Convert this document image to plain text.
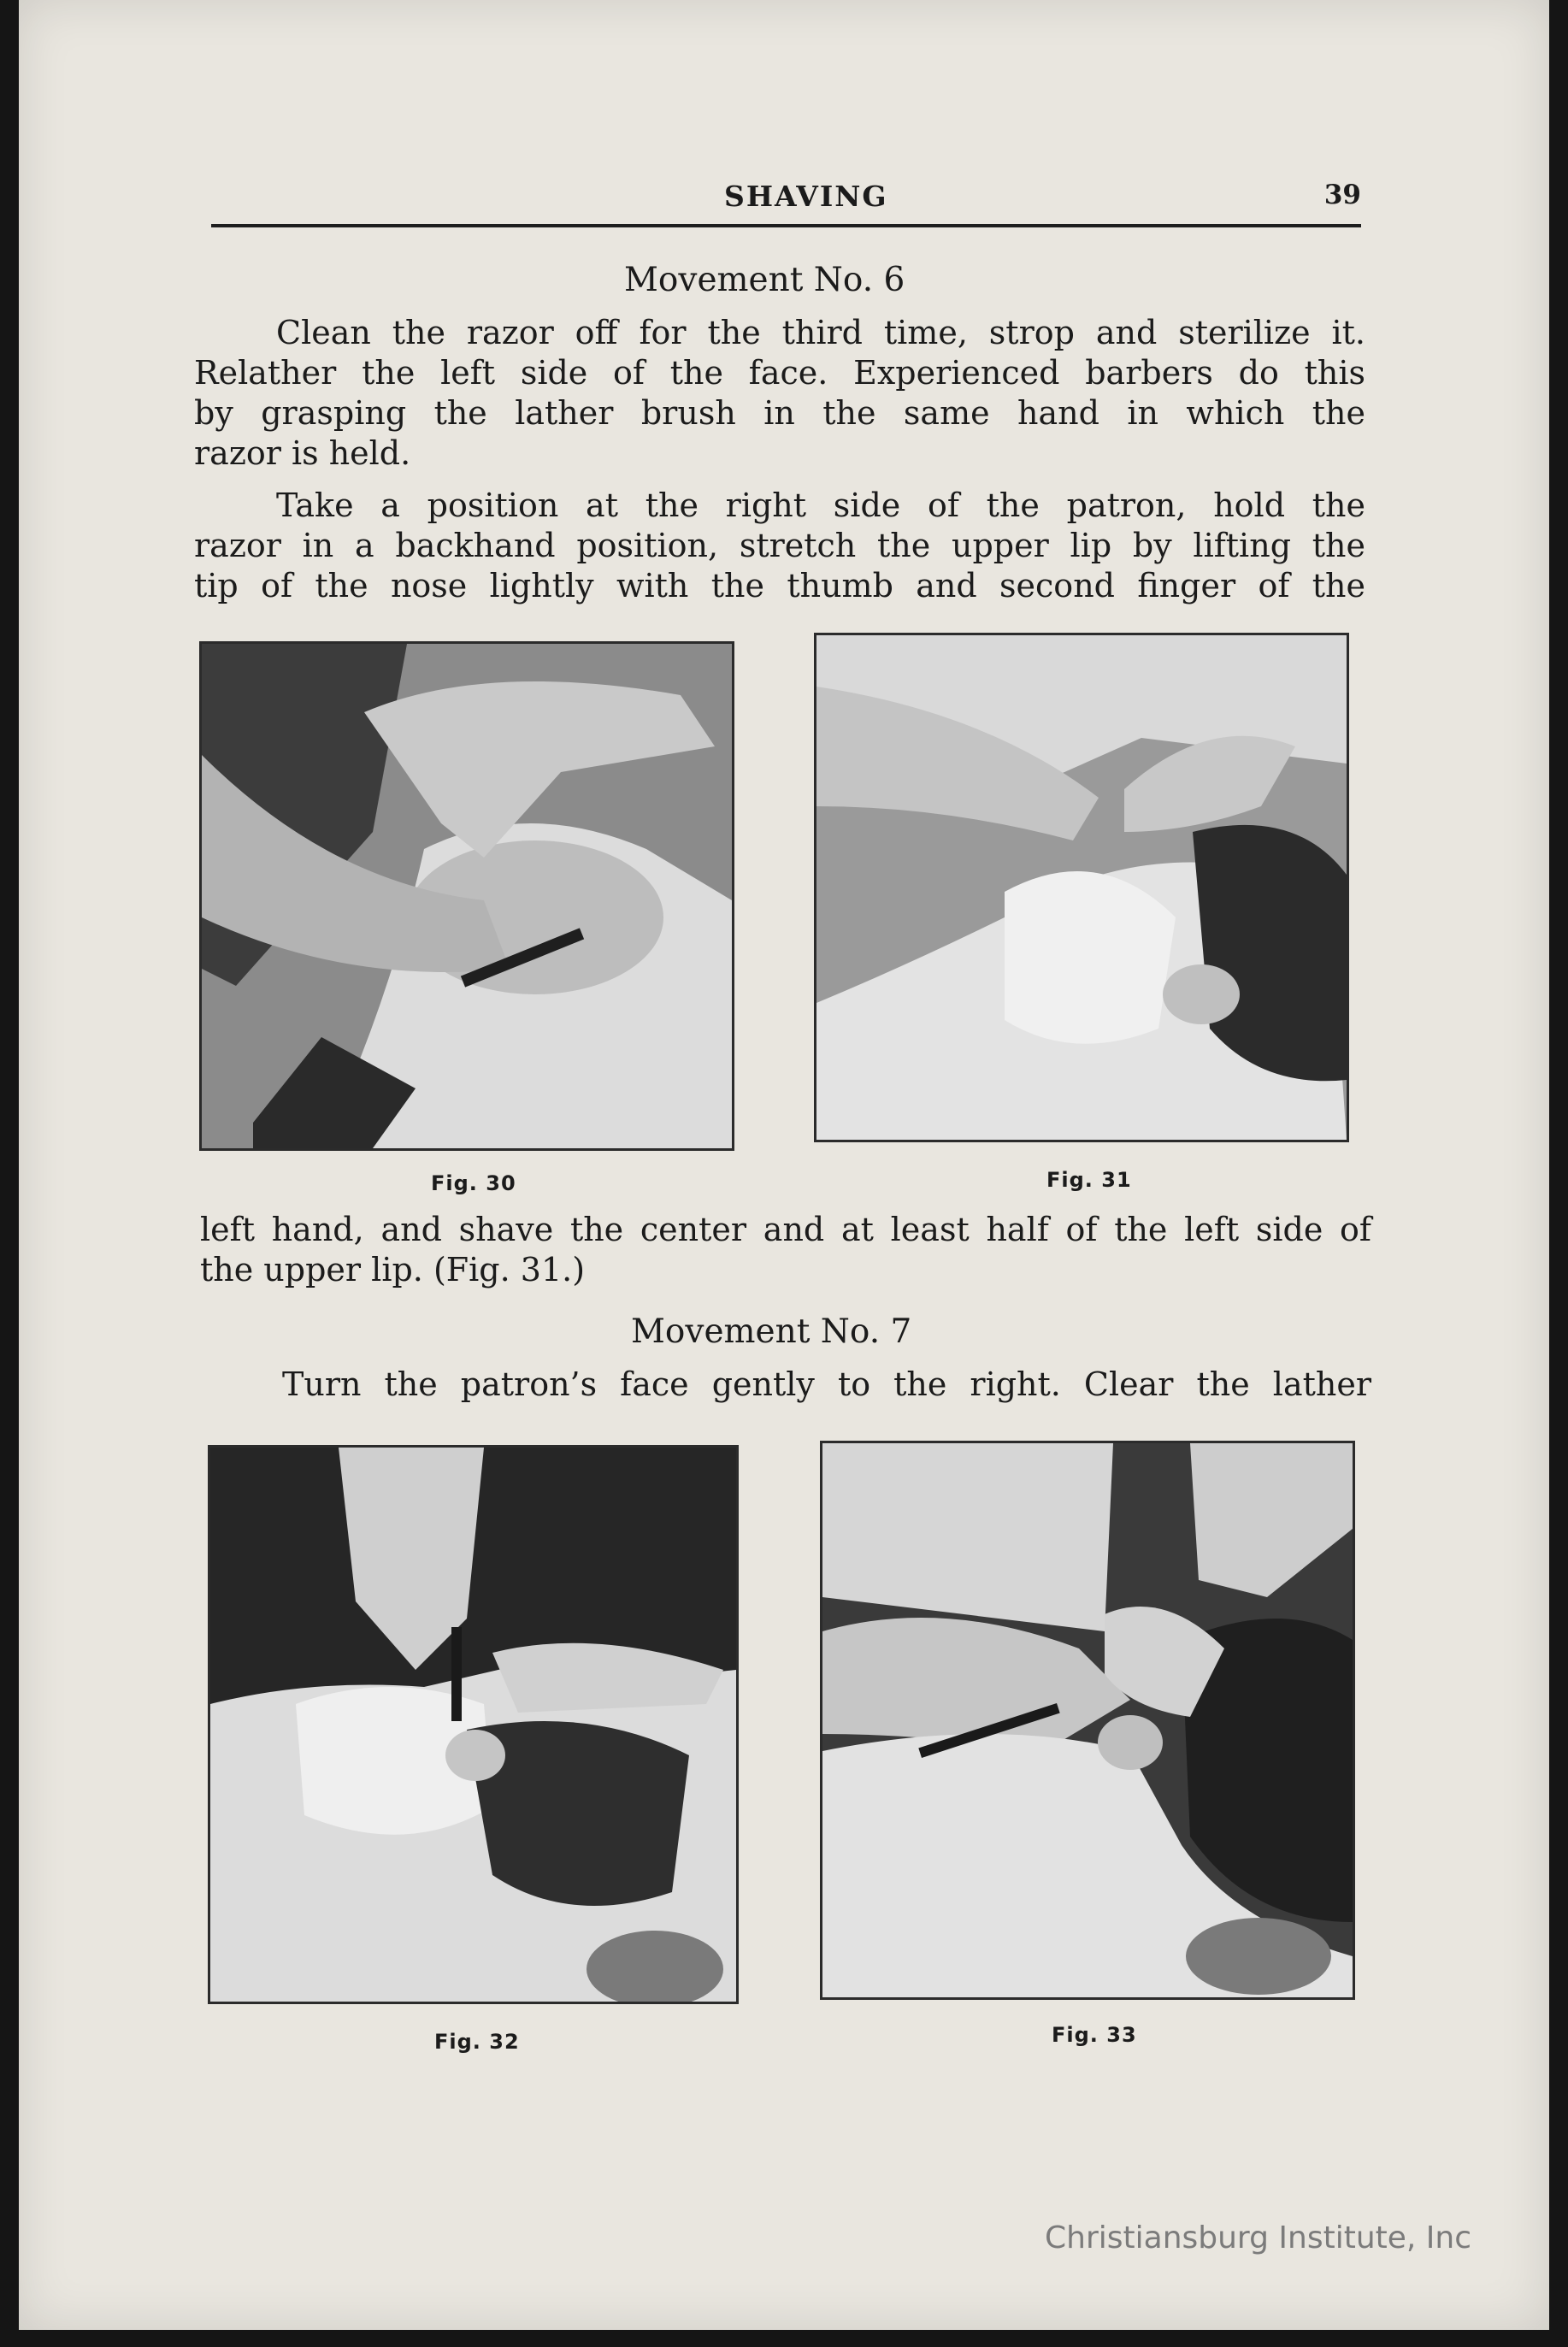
SHAVING	39
Movement No. 6
Clean the razor off for the third time, strop and sterilize it.
Relather the left side of the face. Experienced barbers do this
by grasping the lather brush in the same hand in which the
razor is held.
Take a position at the right side of the patron, hold the
razor in a backhand position, stretch the upper lip by lifting the
tip of the nose lightly with the thumb and second finger of the
Fig. 30	Fig. 31
left hand, and shave the center and at least half of the left side of
the upper lip. (Fig. 31.)
Movement No. 7
Turn the patron’s face gently to the right. Clear the lather
Fig. 32	Fig. 33
Christiansburg Institute, Inc
